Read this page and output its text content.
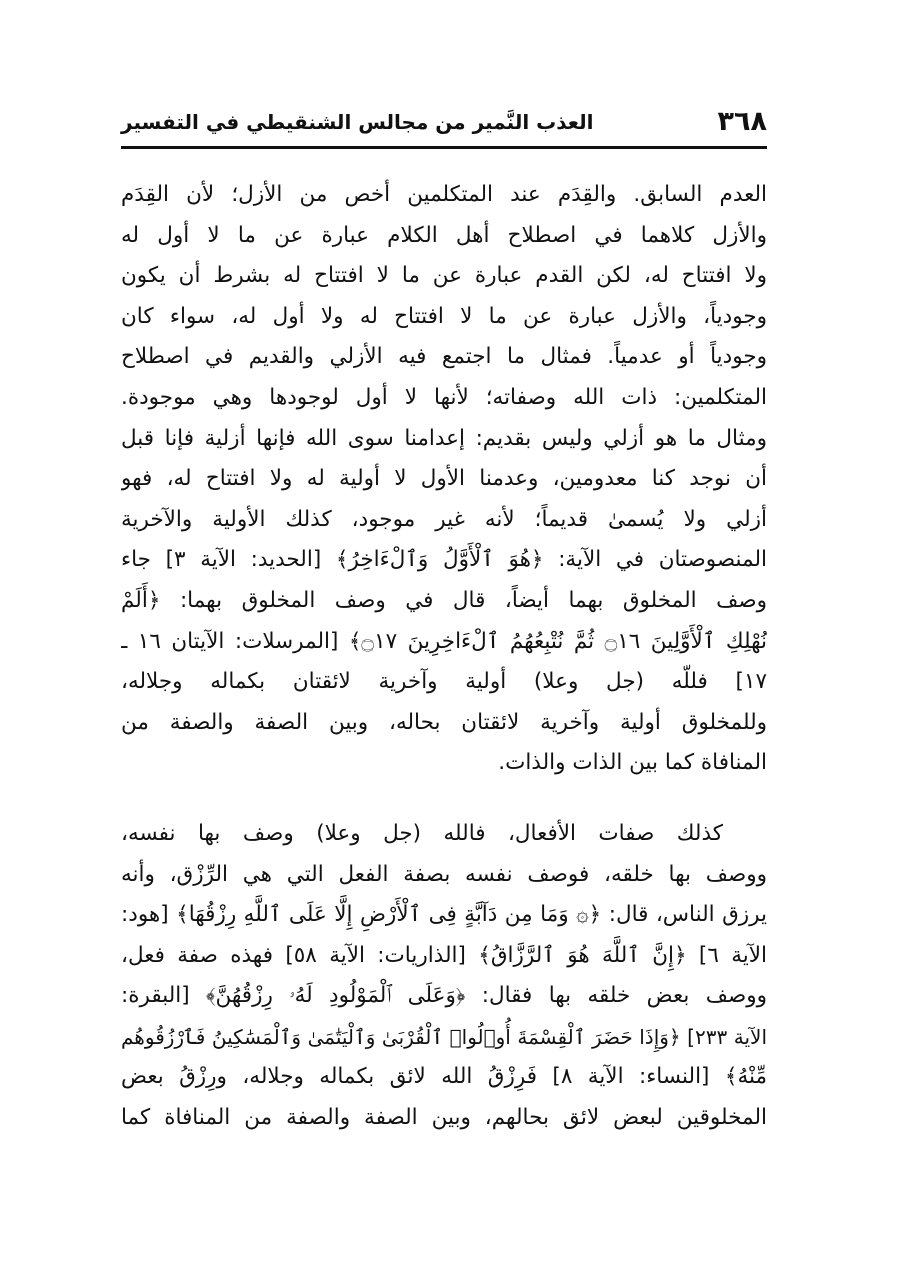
٣٦٨
العذب النَّمير من مجالس الشنقيطي في التفسير
العدم السابق. والقِدَم عند المتكلمين أخص من الأزل؛ لأن القِدَم
والأزل كلاهما في اصطلاح أهل الكلام عبارة عن ما لا أول له
ولا افتتاح له، لكن القدم عبارة عن ما لا افتتاح له بشرط أن يكون
وجودياً، والأزل عبارة عن ما لا افتتاح له ولا أول له، سواء كان
وجودياً أو عدمياً. فمثال ما اجتمع فيه الأزلي والقديم في اصطلاح
المتكلمين: ذات الله وصفاته؛ لأنها لا أول لوجودها وهي موجودة.
ومثال ما هو أزلي وليس بقديم: إعدامنا سوى الله فإنها أزلية فإنا قبل
أن نوجد كنا معدومين، وعدمنا الأول لا أولية له ولا افتتاح له، فهو
أزلي ولا يُسمىٰ قديماً؛ لأنه غير موجود، كذلك الأولية والآخرية
المنصوصتان في الآية: ﴿هُوَ ٱلْأَوَّلُ وَٱلْءَاخِرُ﴾ [الحديد: الآية ٣] جاء
وصف المخلوق بهما أيضاً، قال في وصف المخلوق بهما: ﴿أَلَمْ
نُهْلِكِ ٱلْأَوَّلِينَ ۝١٦ ثُمَّ نُتْبِعُهُمُ ٱلْءَاخِرِينَ ۝١٧﴾ [المرسلات: الآيتان ١٦ ـ
١٧] فللّه (جل وعلا) أولية وآخرية لائقتان بكماله وجلاله،
وللمخلوق أولية وآخرية لائقتان بحاله، وبين الصفة والصفة من
المنافاة كما بين الذات والذات.
كذلك صفات الأفعال، فالله (جل وعلا) وصف بها نفسه،
ووصف بها خلقه، فوصف نفسه بصفة الفعل التي هي الرِّزْق، وأنه
يرزق الناس، قال: ﴿۞ وَمَا مِن دَآبَّةٍ فِى ٱلْأَرْضِ إِلَّا عَلَى ٱللَّهِ رِزْقُهَا﴾ [هود:
الآية ٦] ﴿إِنَّ ٱللَّهَ هُوَ ٱلرَّزَّاقُ﴾ [الذاريات: الآية ٥٨] فهذه صفة فعل،
ووصف بعض خلقه بها فقال: ﴿وَعَلَى ٱلْمَوْلُودِ لَهُۥ رِزْقُهُنَّ﴾ [البقرة:
الآية ٢٣٣] ﴿وَإِذَا حَضَرَ ٱلْقِسْمَةَ أُو۟لُوا۟ ٱلْقُرْبَىٰ وَٱلْيَتَٰمَىٰ وَٱلْمَسَٰكِينُ فَٱرْزُقُوهُم
مِّنْهُ﴾ [النساء: الآية ٨] فَرِزْقُ الله لائق بكماله وجلاله، ورِزْقُ بعض
المخلوقين لبعض لائق بحالهم، وبين الصفة والصفة من المنافاة كما
